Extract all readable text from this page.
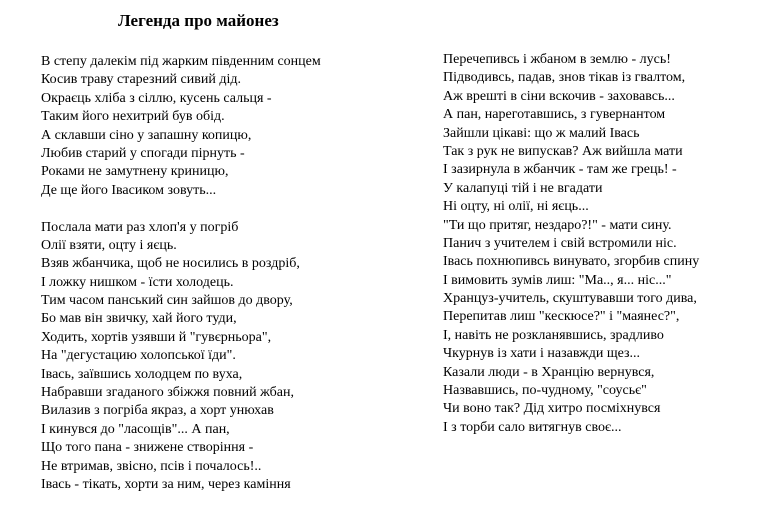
Легенда про майонез
В степу далекім під жарким південним сонцем
Косив траву старезний сивий дід.
Окраєць хліба з сіллю, кусень сальця -
Таким його нехитрий був обід.
А склавши сіно у запашну копицю,
Любив старий у спогади пірнуть -
Роками не замутнену криницю,
Де ще його Івасиком зовуть...
Послала мати раз хлоп'я у погріб
Олії взяти, оцту і яєць.
Взяв жбанчика, щоб не носились в роздріб,
І ложку нишком - їсти холодець.
Тим часом панський син зайшов до двору,
Бо мав він звичку, хай його туди,
Ходить, хортів узявши й "гувєрньора",
На "дегустацию холопської їди".
Івась, заївшись холодцем по вуха,
Набравши згаданого збіжжя повний жбан,
Вилазив з погріба якраз, а хорт унюхав
І кинувся до "ласощів"... А пан,
Що того пана - знижене створіння -
Не втримав, звісно, псів і почалось!..
Івась - тікать, хорти за ним, через каміння
Перечепивсь і жбаном в землю - лусь!
Підводивсь, падав, знов тікав із гвалтом,
Аж врешті в сіни вскочив - заховавсь...
А пан, нареготавшись, з гувернантом
Зайшли цікаві: що ж малий Івась
Так з рук не випускав? Аж вийшла мати
І зазирнула в жбанчик - там же грець! -
У калапуці тій і не вгадати
Ні оцту, ні олії, ні яєць...
"Ти що притяг, нездаро?!" - мати сину.
Панич з учителем і свій встромили ніс.
Івась похнюпивсь винувато, згорбив спину
І вимовить зумів лиш: "Ма.., я... ніс..."
Хранцуз-учитель, скуштувавши того дива,
Перепитав лиш "кескюсе?" і "маянес?",
І, навіть не розкланявшись, зрадливо
Чкурнув із хати і назавжди щез...
Казали люди - в Хранцію вернувся,
Назвавшись, по-чудному, "соусьє"
Чи воно так? Дід хитро посміхнувся
І з торби сало витягнув своє...
